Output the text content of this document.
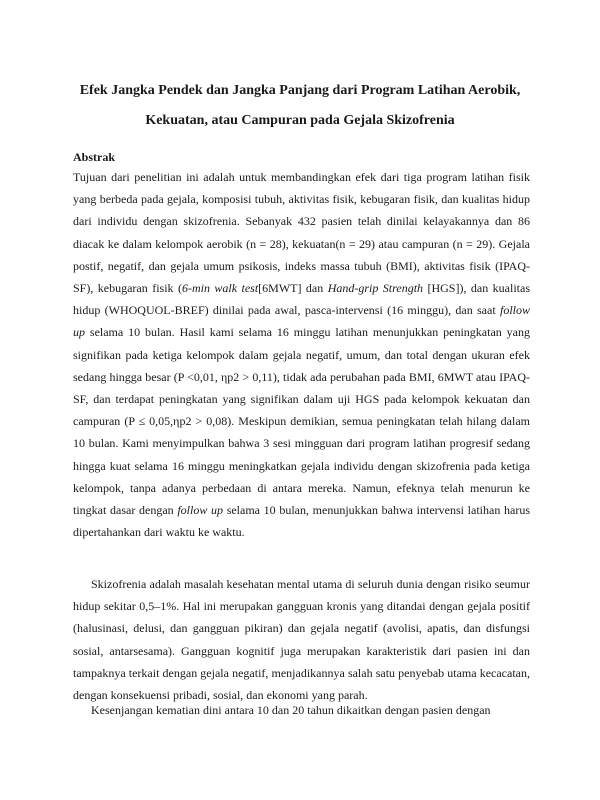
Efek Jangka Pendek dan Jangka Panjang dari Program Latihan Aerobik,
Kekuatan, atau Campuran pada Gejala Skizofrenia
Abstrak

Tujuan dari penelitian ini adalah untuk membandingkan efek dari tiga program latihan fisik yang berbeda pada gejala, komposisi tubuh, aktivitas fisik, kebugaran fisik, dan kualitas hidup dari individu dengan skizofrenia. Sebanyak 432 pasien telah dinilai kelayakannya dan 86 diacak ke dalam kelompok aerobik (n = 28), kekuatan(n = 29) atau campuran (n = 29). Gejala postif, negatif, dan gejala umum psikosis, indeks massa tubuh (BMI), aktivitas fisik (IPAQ-SF), kebugaran fisik (6-min walk test[6MWT] dan Hand-grip Strength [HGS]), dan kualitas hidup (WHOQUOL-BREF) dinilai pada awal, pasca-intervensi (16 minggu), dan saat follow up selama 10 bulan. Hasil kami selama 16 minggu latihan menunjukkan peningkatan yang signifikan pada ketiga kelompok dalam gejala negatif, umum, dan total dengan ukuran efek sedang hingga besar (P <0,01, ηp2 > 0,11), tidak ada perubahan pada BMI, 6MWT atau IPAQ-SF, dan terdapat peningkatan yang signifikan dalam uji HGS pada kelompok kekuatan dan campuran (P ≤ 0,05,ηp2 > 0,08). Meskipun demikian, semua peningkatan telah hilang dalam 10 bulan. Kami menyimpulkan bahwa 3 sesi mingguan dari program latihan progresif sedang hingga kuat selama 16 minggu meningkatkan gejala individu dengan skizofrenia pada ketiga kelompok, tanpa adanya perbedaan di antara mereka. Namun, efeknya telah menurun ke tingkat dasar dengan follow up selama 10 bulan, menunjukkan bahwa intervensi latihan harus dipertahankan dari waktu ke waktu.

Skizofrenia adalah masalah kesehatan mental utama di seluruh dunia dengan risiko seumur hidup sekitar 0,5–1%. Hal ini merupakan gangguan kronis yang ditandai dengan gejala positif (halusinasi, delusi, dan gangguan pikiran) dan gejala negatif (avolisi, apatis, dan disfungsi sosial, antarsesama). Gangguan kognitif juga merupakan karakteristik dari pasien ini dan tampaknya terkait dengan gejala negatif, menjadikannya salah satu penyebab utama kecacatan, dengan konsekuensi pribadi, sosial, dan ekonomi yang parah.

Kesenjangan kematian dini antara 10 dan 20 tahun dikaitkan dengan pasien dengan
